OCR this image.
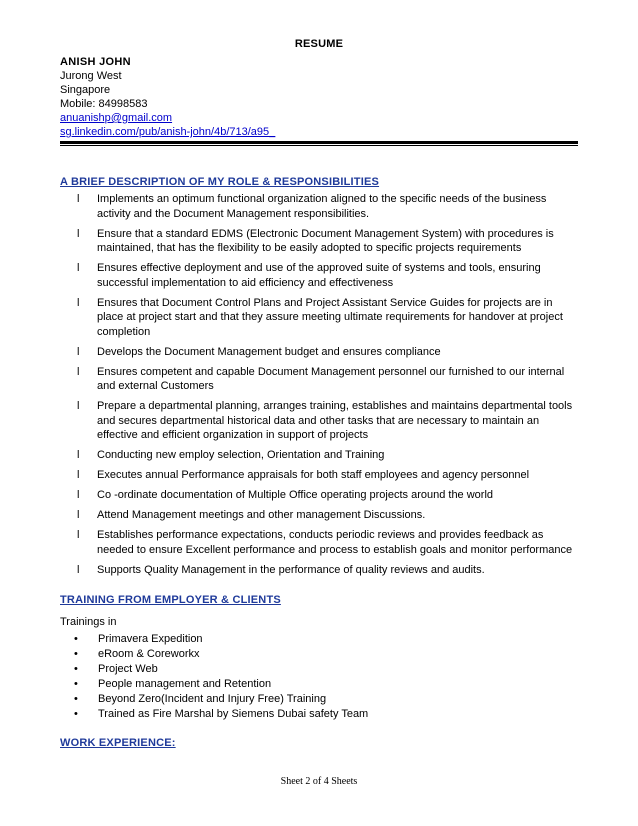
RESUME
ANISH JOHN
Jurong West
Singapore
Mobile: 84998583
anuanishp@gmail.com
sg.linkedin.com/pub/anish-john/4b/713/a95_
A BRIEF DESCRIPTION OF MY ROLE & RESPONSIBILITIES
l	Implements an optimum functional organization aligned to the specific needs of the business activity and the Document Management responsibilities.
l	Ensure that a standard EDMS (Electronic Document Management System) with procedures is maintained, that has the flexibility to be easily adopted to specific projects requirements
l	Ensures effective deployment and use of the approved suite of systems and tools, ensuring successful implementation to aid efficiency and effectiveness
l	Ensures that Document Control Plans and Project Assistant Service Guides for projects are in place at project start and that they assure meeting ultimate requirements for handover at project completion
l	Develops the Document Management budget and ensures compliance
l	Ensures competent and capable Document Management personnel our furnished to our internal and external Customers
l	Prepare a departmental planning, arranges training, establishes and maintains departmental tools and secures departmental historical data and other tasks that are necessary to maintain an effective and efficient organization in support of projects
l	Conducting new employ selection, Orientation and Training
l	Executes annual Performance appraisals for both staff employees and agency personnel
l	Co -ordinate documentation of Multiple Office operating projects around the world
l	Attend Management meetings and other management Discussions.
l	Establishes performance expectations, conducts periodic reviews and provides feedback as needed to ensure Excellent performance and process to establish goals and monitor performance
l	Supports Quality Management in the performance of quality reviews and audits.
TRAINING FROM EMPLOYER & CLIENTS
Trainings in
• Primavera Expedition
• eRoom & Coreworkx
• Project Web
• People management and Retention
• Beyond Zero(Incident and Injury Free) Training
• Trained as Fire Marshal by Siemens Dubai safety Team
WORK EXPERIENCE:
Sheet 2 of 4 Sheets
